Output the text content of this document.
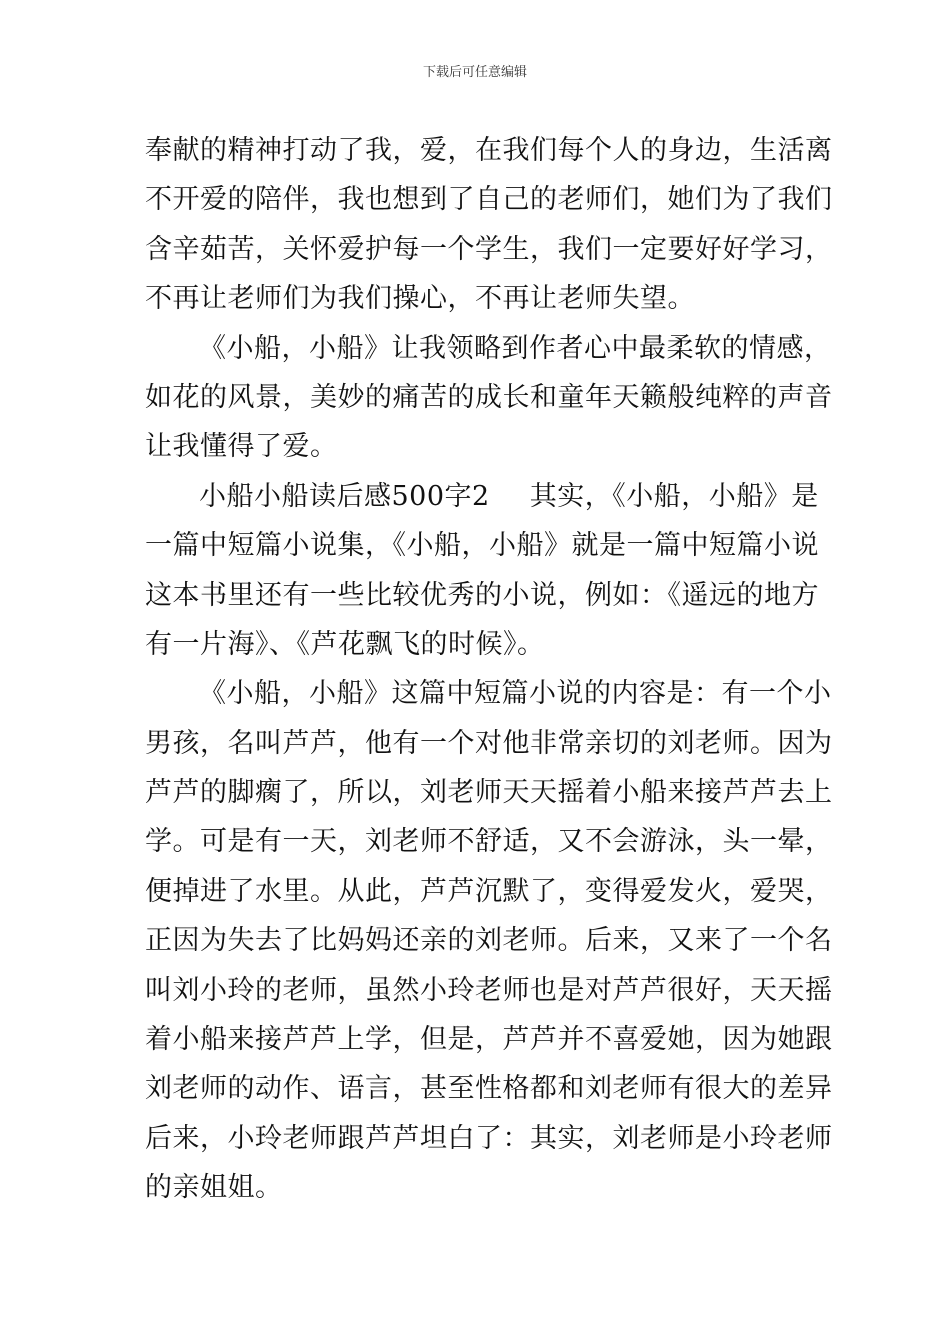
下载后可任意编辑
奉献的精神打动了我，爱，在我们每个人的身边，生活离
不开爱的陪伴，我也想到了自己的老师们，她们为了我们
含辛茹苦，关怀爱护每一个学生，我们一定要好好学习，
不再让老师们为我们操心，不再让老师失望。
《小船，小船》让我领略到作者心中最柔软的情感，
如花的风景，美妙的痛苦的成长和童年天籁般纯粹的声音
让我懂得了爱。
小船小船读后感500字2 其实，《小船，小船》是
一篇中短篇小说集，《小船，小船》就是一篇中短篇小说
这本书里还有一些比较优秀的小说，例如：《遥远的地方
有一片海》、《芦花飘飞的时候》。
《小船，小船》这篇中短篇小说的内容是：有一个小
男孩，名叫芦芦，他有一个对他非常亲切的刘老师。因为
芦芦的脚瘸了，所以，刘老师天天摇着小船来接芦芦去上
学。可是有一天，刘老师不舒适，又不会游泳，头一晕，
便掉进了水里。从此，芦芦沉默了，变得爱发火，爱哭，
正因为失去了比妈妈还亲的刘老师。后来，又来了一个名
叫刘小玲的老师，虽然小玲老师也是对芦芦很好，天天摇
着小船来接芦芦上学，但是，芦芦并不喜爱她，因为她跟
刘老师的动作、语言，甚至性格都和刘老师有很大的差异
后来，小玲老师跟芦芦坦白了：其实，刘老师是小玲老师
的亲姐姐。
